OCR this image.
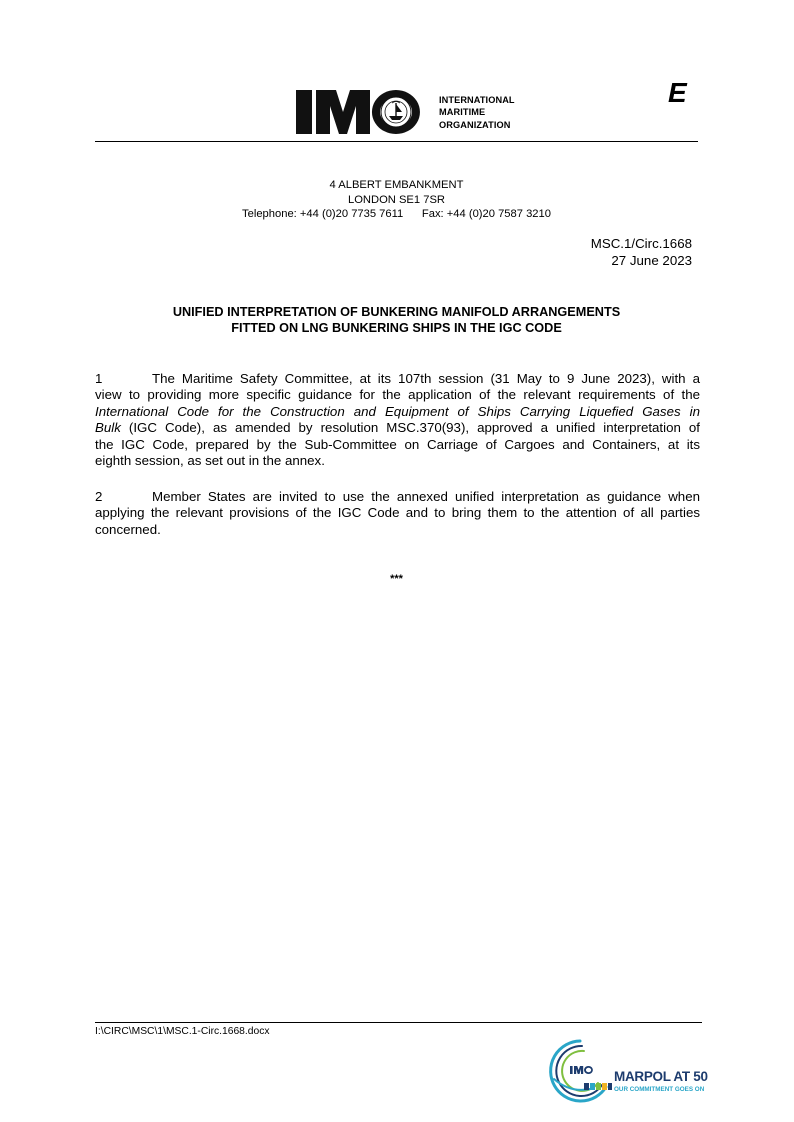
INTERNATIONAL
MARITIME
ORGANIZATION
E
4 ALBERT EMBANKMENT
LONDON SE1 7SR
Telephone: +44 (0)20 7735 7611      Fax: +44 (0)20 7587 3210
MSC.1/Circ.1668
27 June 2023
UNIFIED INTERPRETATION OF BUNKERING MANIFOLD ARRANGEMENTS
FITTED ON LNG BUNKERING SHIPS IN THE IGC CODE
1	The Maritime Safety Committee, at its 107th session (31 May to 9 June 2023), with a
view to providing more specific guidance for the application of the relevant requirements of the
International Code for the Construction and Equipment of Ships Carrying Liquefied Gases in
Bulk (IGC Code), as amended by resolution MSC.370(93), approved a unified interpretation of
the IGC Code, prepared by the Sub-Committee on Carriage of Cargoes and Containers, at its
eighth session, as set out in the annex.
2	Member States are invited to use the annexed unified interpretation as guidance when
applying the relevant provisions of the IGC Code and to bring them to the attention of all parties
concerned.
***
I:\CIRC\MSC\1\MSC.1-Circ.1668.docx
MARPOL AT 50
OUR COMMITMENT GOES ON
